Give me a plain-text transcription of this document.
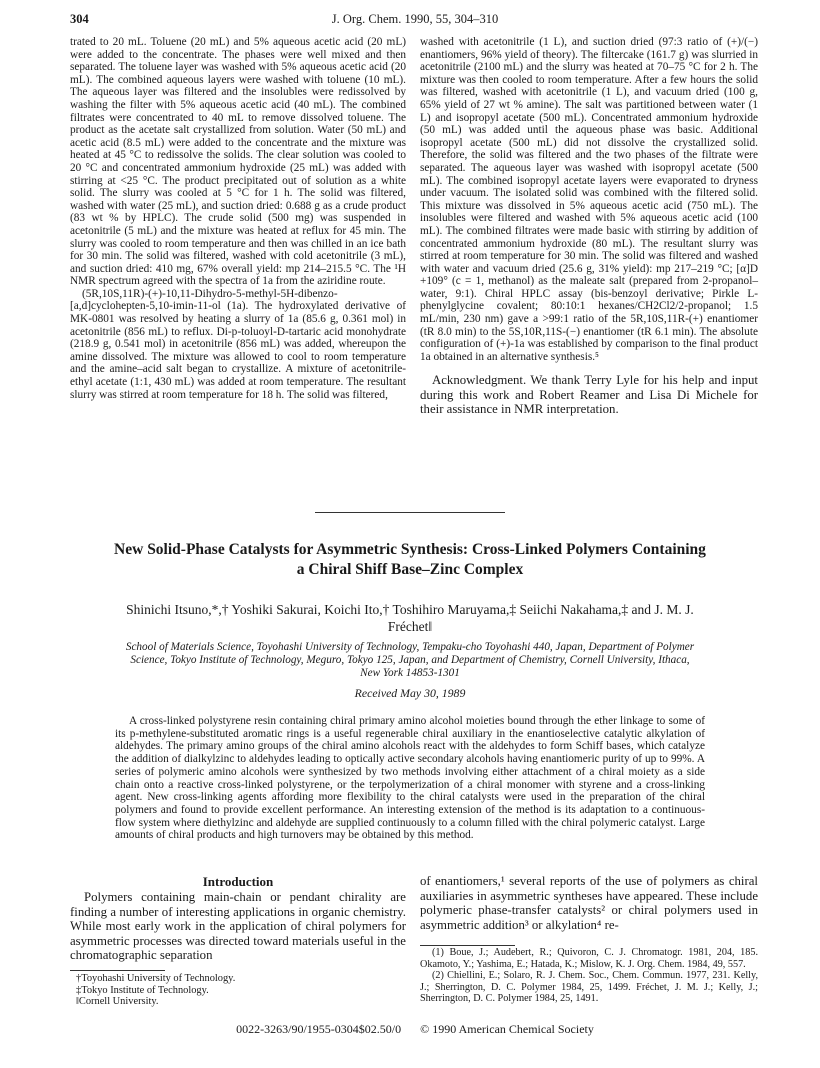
304	J. Org. Chem. 1990, 55, 304–310

trated to 20 mL. Toluene (20 mL) and 5% aqueous acetic acid (20 mL) were added to the concentrate. The phases were well mixed and then separated. The toluene layer was washed with 5% aqueous acetic acid (20 mL). The combined aqueous layers were washed with toluene (10 mL). The aqueous layer was filtered and the insolubles were redissolved by washing the filter with 5% aqueous acetic acid (40 mL). The combined filtrates were concentrated to 40 mL to remove dissolved toluene. The product as the acetate salt crystallized from solution. Water (50 mL) and acetic acid (8.5 mL) were added to the concentrate and the mixture was heated at 45 °C to redissolve the solids. The clear solution was cooled to 20 °C and concentrated ammonium hydroxide (25 mL) was added with stirring at <25 °C. The product precipitated out of solution as a white solid. The slurry was cooled at 5 °C for 1 h. The solid was filtered, washed with water (25 mL), and suction dried: 0.688 g as a crude product (83 wt % by HPLC). The crude solid (500 mg) was suspended in acetonitrile (5 mL) and the mixture was heated at reflux for 45 min. The slurry was cooled to room temperature and then was chilled in an ice bath for 30 min. The solid was filtered, washed with cold acetonitrile (3 mL), and suction dried: 410 mg, 67% overall yield: mp 214–215.5 °C. The ¹H NMR spectrum agreed with the spectra of 1a from the aziridine route.

(5R,10S,11R)-(+)-10,11-Dihydro-5-methyl-5H-dibenzo-[a,d]cyclohepten-5,10-imin-11-ol (1a). The hydroxylated derivative of MK-0801 was resolved by heating a slurry of 1a (85.6 g, 0.361 mol) in acetonitrile (856 mL) to reflux. Di-p-toluoyl-D-tartaric acid monohydrate (218.9 g, 0.541 mol) in acetonitrile (856 mL) was added, whereupon the amine dissolved. The mixture was allowed to cool to room temperature and the amine–acid salt began to crystallize. A mixture of acetonitrile-ethyl acetate (1:1, 430 mL) was added at room temperature. The resultant slurry was stirred at room temperature for 18 h. The solid was filtered,

washed with acetonitrile (1 L), and suction dried (97:3 ratio of (+)/(−) enantiomers, 96% yield of theory). The filtercake (161.7 g) was slurried in acetonitrile (2100 mL) and the slurry was heated at 70–75 °C for 2 h. The mixture was then cooled to room temperature. After a few hours the solid was filtered, washed with acetonitrile (1 L), and vacuum dried (100 g, 65% yield of 27 wt % amine). The salt was partitioned between water (1 L) and isopropyl acetate (500 mL). Concentrated ammonium hydroxide (50 mL) was added until the aqueous phase was basic. Additional isopropyl acetate (500 mL) did not dissolve the crystallized solid. Therefore, the solid was filtered and the two phases of the filtrate were separated. The aqueous layer was washed with isopropyl acetate (500 mL). The combined isopropyl acetate layers were evaporated to dryness under vacuum. The isolated solid was combined with the filtered solid. This mixture was dissolved in 5% aqueous acetic acid (750 mL). The insolubles were filtered and washed with 5% aqueous acetic acid (100 mL). The combined filtrates were made basic with stirring by addition of concentrated ammonium hydroxide (80 mL). The resultant slurry was stirred at room temperature for 30 min. The solid was filtered and washed with water and vacuum dried (25.6 g, 31% yield): mp 217–219 °C; [α]D +109° (c = 1, methanol) as the maleate salt (prepared from 2-propanol–water, 9:1). Chiral HPLC assay (bis-benzoyl derivative; Pirkle L-phenylglycine covalent; 80:10:1 hexanes/CH2Cl2/2-propanol; 1.5 mL/min, 230 nm) gave a >99:1 ratio of the 5R,10S,11R-(+) enantiomer (tR 8.0 min) to the 5S,10R,11S-(−) enantiomer (tR 6.1 min). The absolute configuration of (+)-1a was established by comparison to the final product 1a obtained in an alternative synthesis.⁵

Acknowledgment. We thank Terry Lyle for his help and input during this work and Robert Reamer and Lisa Di Michele for their assistance in NMR interpretation.

New Solid-Phase Catalysts for Asymmetric Synthesis: Cross-Linked Polymers Containing a Chiral Shiff Base–Zinc Complex
Shinichi Itsuno,*,† Yoshiki Sakurai, Koichi Ito,† Toshihiro Maruyama,‡ Seiichi Nakahama,‡ and J. M. J. Fréchet‖
School of Materials Science, Toyohashi University of Technology, Tempaku-cho Toyohashi 440, Japan, Department of Polymer Science, Tokyo Institute of Technology, Meguro, Tokyo 125, Japan, and Department of Chemistry, Cornell University, Ithaca, New York 14853-1301
Received May 30, 1989
A cross-linked polystyrene resin containing chiral primary amino alcohol moieties bound through the ether linkage to some of its p-methylene-substituted aromatic rings is a useful regenerable chiral auxiliary in the enantioselective catalytic alkylation of aldehydes. The primary amino groups of the chiral amino alcohols react with the aldehydes to form Schiff bases, which catalyze the addition of dialkylzinc to aldehydes leading to optically active secondary alcohols having enantiomeric purity of up to 99%. A series of polymeric amino alcohols were synthesized by two methods involving either attachment of a chiral moiety as a side chain onto a reactive cross-linked polystyrene, or the terpolymerization of a chiral monomer with styrene and a cross-linking agent. New cross-linking agents affording more flexibility to the chiral catalysts were used in the preparation of the chiral polymers and found to provide excellent performance. An interesting extension of the method is its adaptation to a continuous-flow system where diethylzinc and aldehyde are supplied continuously to a column filled with the chiral polymeric catalyst. Large amounts of chiral products and high turnovers may be obtained by this method.
Introduction
Polymers containing main-chain or pendant chirality are finding a number of interesting applications in organic chemistry. While most early work in the application of chiral polymers for asymmetric processes was directed toward materials useful in the chromatographic separation
of enantiomers,¹ several reports of the use of polymers as chiral auxiliaries in asymmetric syntheses have appeared. These include polymeric phase-transfer catalysts² or chiral polymers used in asymmetric addition³ or alkylation⁴ re-
†Toyohashi University of Technology.
‡Tokyo Institute of Technology.
‖Cornell University.

(1) Boue, J.; Audebert, R.; Quivoron, C. J. Chromatogr. 1981, 204, 185. Okamoto, Y.; Yashima, E.; Hatada, K.; Mislow, K. J. Org. Chem. 1984, 49, 557.

(2) Chiellini, E.; Solaro, R. J. Chem. Soc., Chem. Commun. 1977, 231. Kelly, J.; Sherrington, D. C. Polymer 1984, 25, 1499. Fréchet, J. M. J.; Kelly, J.; Sherrington, D. C. Polymer 1984, 25, 1491.

0022-3263/90/1955-0304$02.50/0 © 1990 American Chemical Society
